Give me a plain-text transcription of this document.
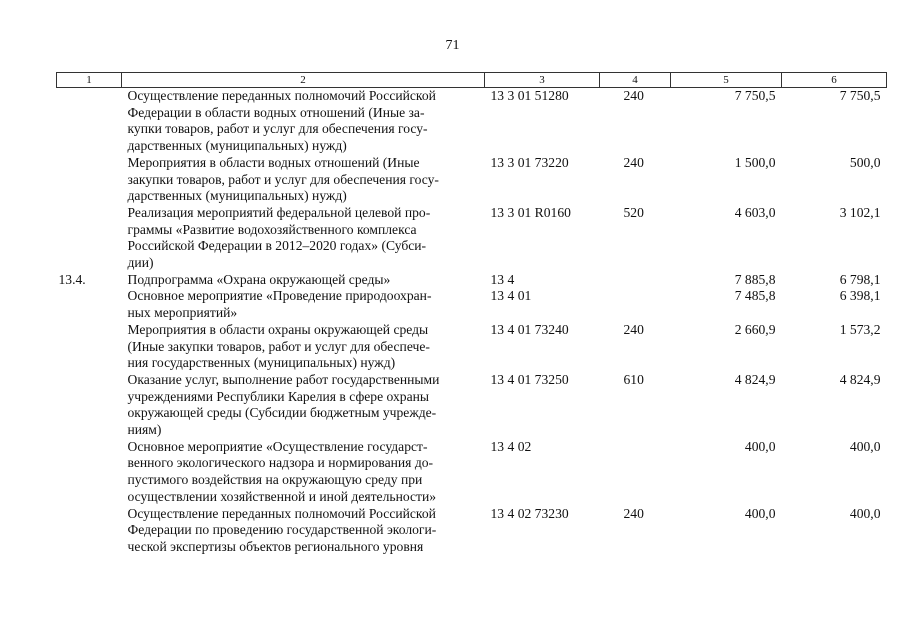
71
1	2	3	4	5	6
	Осуществление переданных полномочий Российской
Федерации в области водных отношений (Иные за-
купки товаров, работ и услуг для обеспечения госу-
дарственных (муниципальных) нужд)	13 3 01 51280	240	7 750,5	7 750,5
	Мероприятия в области водных отношений (Иные
закупки товаров, работ и услуг для обеспечения госу-
дарственных (муниципальных) нужд)	13 3 01 73220	240	1 500,0	500,0
	Реализация мероприятий федеральной целевой про-
граммы «Развитие водохозяйственного комплекса
Российской Федерации в 2012–2020 годах» (Субси-
дии)	13 3 01 R0160	520	4 603,0	3 102,1
13.4.	Подпрограмма «Охрана окружающей среды»	13 4		7 885,8	6 798,1
	Основное мероприятие «Проведение природоохран-
ных мероприятий»	13 4 01		7 485,8	6 398,1
	Мероприятия в области охраны окружающей среды
(Иные закупки товаров, работ и услуг для обеспече-
ния государственных (муниципальных) нужд)	13 4 01 73240	240	2 660,9	1 573,2
	Оказание услуг, выполнение работ государственными
учреждениями Республики Карелия в сфере охраны
окружающей среды (Субсидии бюджетным учрежде-
ниям)	13 4 01 73250	610	4 824,9	4 824,9
	Основное мероприятие «Осуществление государст-
венного экологического надзора и нормирования до-
пустимого воздействия на окружающую среду при
осуществлении хозяйственной и иной деятельности»	13 4 02		400,0	400,0
	Осуществление переданных полномочий Российской
Федерации по проведению государственной экологи-
ческой экспертизы объектов регионального уровня	13 4 02 73230	240	400,0	400,0
